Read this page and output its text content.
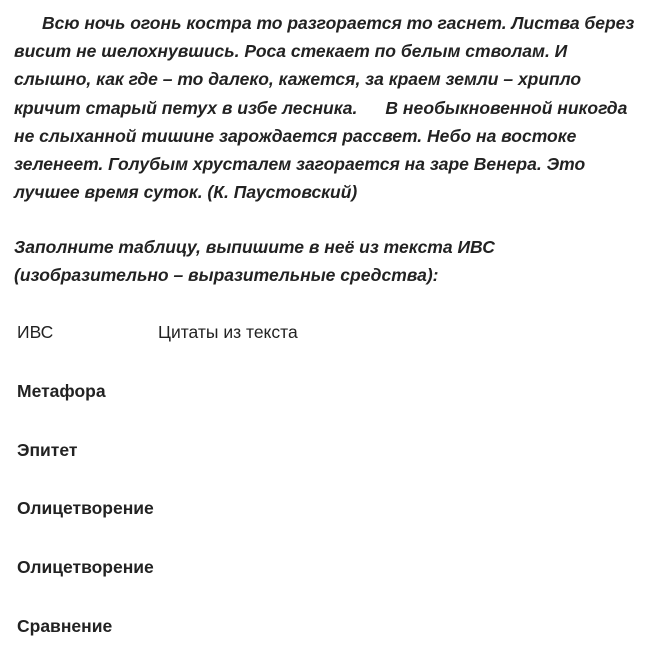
Всю ночь огонь костра то разгорается то гаснет. Листва берез висит не шелохнувшись. Роса стекает по белым стволам. И слышно, как где – то далеко, кажется, за краем земли – хрипло кричит старый петух в избе лесника. В необыкновенной никогда не слыханной тишине зарождается рассвет. Небо на востоке зеленеет. Голубым хрусталем загорается на заре Венера. Это лучшее время суток. (К. Паустовский)

Заполните таблицу, выпишите в неё из текста ИВС (изобразительно – выразительные средства):

ИВС	Цитаты из текста
Метафора
Эпитет
Олицетворение
Олицетворение
Сравнение
